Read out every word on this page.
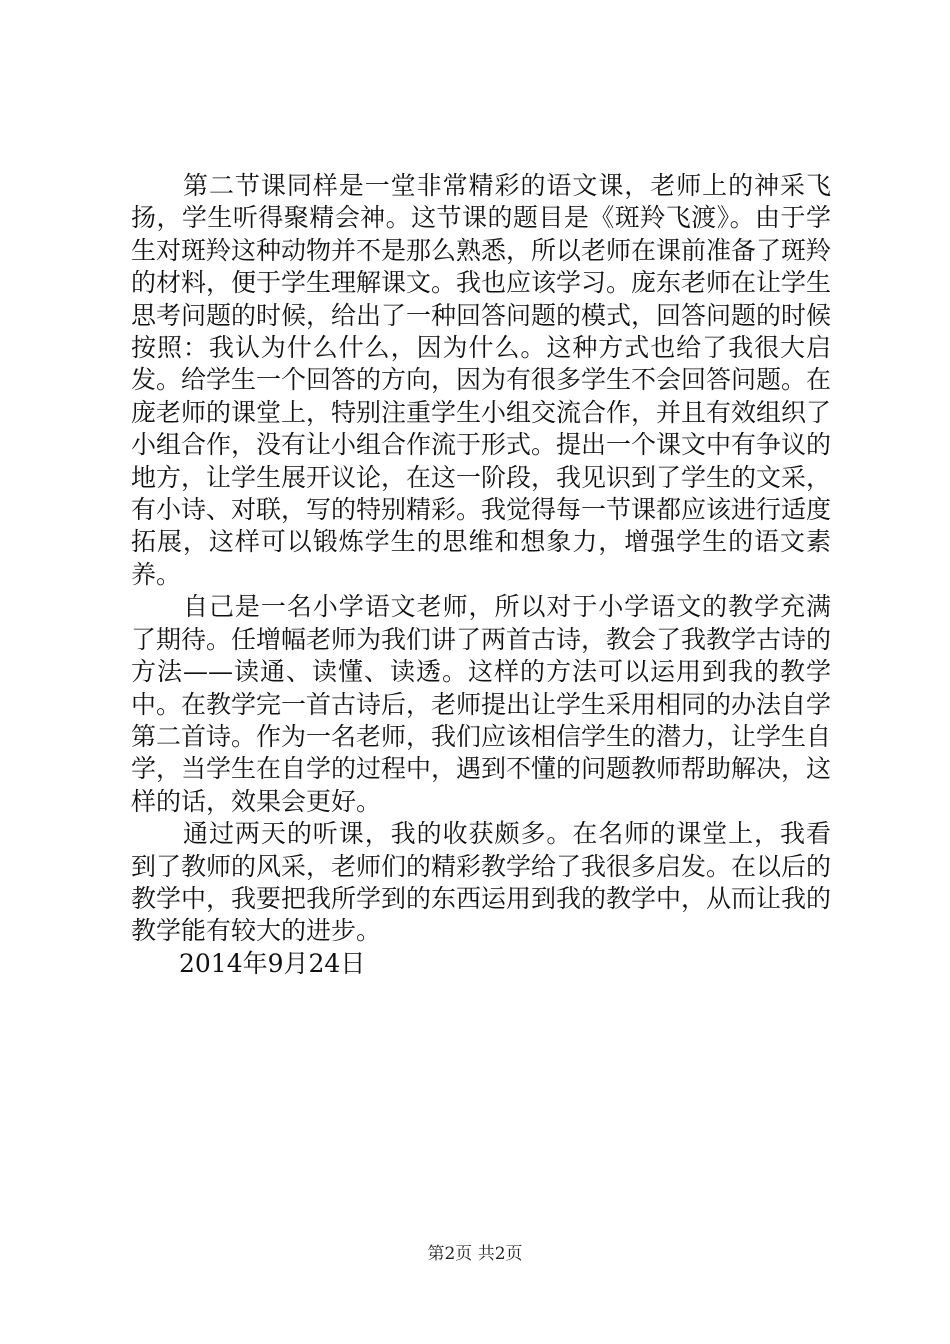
第二节课同样是一堂非常精彩的语文课，老师上的神采飞扬，学生听得聚精会神。这节课的题目是《斑羚飞渡》。由于学生对斑羚这种动物并不是那么熟悉，所以老师在课前准备了斑羚的材料，便于学生理解课文。我也应该学习。庞东老师在让学生思考问题的时候，给出了一种回答问题的模式，回答问题的时候按照：我认为什么什么，因为什么。这种方式也给了我很大启发。给学生一个回答的方向，因为有很多学生不会回答问题。在庞老师的课堂上，特别注重学生小组交流合作，并且有效组织了小组合作，没有让小组合作流于形式。提出一个课文中有争议的地方，让学生展开议论，在这一阶段，我见识到了学生的文采，有小诗、对联，写的特别精彩。我觉得每一节课都应该进行适度拓展，这样可以锻炼学生的思维和想象力，增强学生的语文素养。

自己是一名小学语文老师，所以对于小学语文的教学充满了期待。任增幅老师为我们讲了两首古诗，教会了我教学古诗的方法——读通、读懂、读透。这样的方法可以运用到我的教学中。在教学完一首古诗后，老师提出让学生采用相同的办法自学第二首诗。作为一名老师，我们应该相信学生的潜力，让学生自学，当学生在自学的过程中，遇到不懂的问题教师帮助解决，这样的话，效果会更好。

通过两天的听课，我的收获颇多。在名师的课堂上，我看到了教师的风采，老师们的精彩教学给了我很多启发。在以后的教学中，我要把我所学到的东西运用到我的教学中，从而让我的教学能有较大的进步。

2014年9月24日

第2页 共2页
